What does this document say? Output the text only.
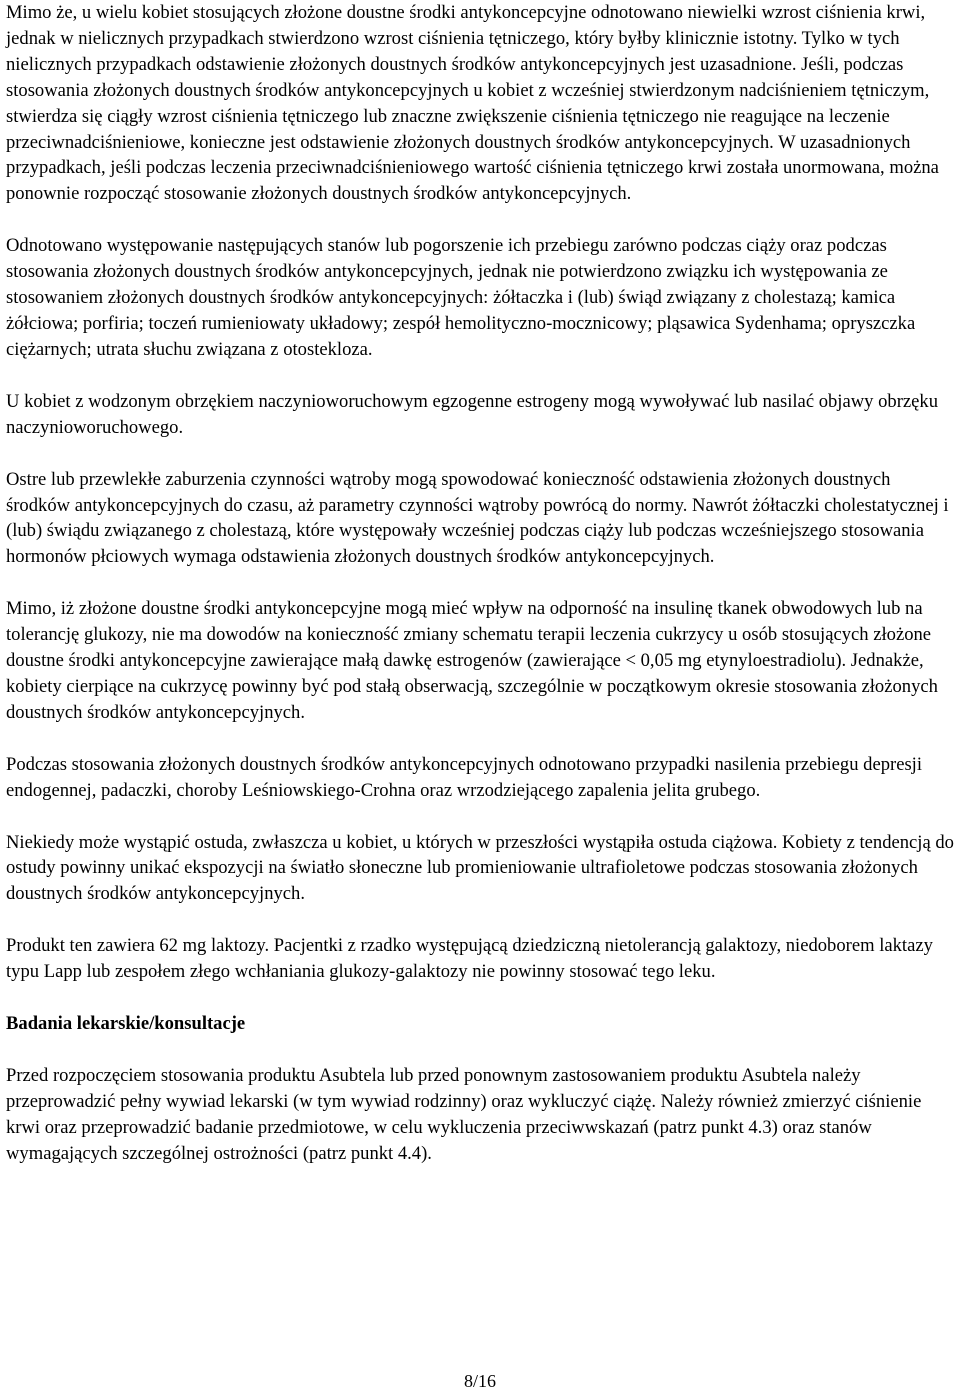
Mimo że, u wielu kobiet stosujących złożone doustne środki antykoncepcyjne odnotowano niewielki wzrost ciśnienia krwi, jednak w nielicznych przypadkach stwierdzono wzrost ciśnienia tętniczego, który byłby klinicznie istotny. Tylko w tych nielicznych przypadkach odstawienie złożonych doustnych środków antykoncepcyjnych jest uzasadnione. Jeśli, podczas stosowania złożonych doustnych środków antykoncepcyjnych u kobiet z wcześniej stwierdzonym nadciśnieniem tętniczym, stwierdza się ciągły wzrost ciśnienia tętniczego lub znaczne zwiększenie ciśnienia tętniczego nie reagujące na leczenie przeciwnadciśnieniowe, konieczne jest odstawienie złożonych doustnych środków antykoncepcyjnych. W uzasadnionych przypadkach, jeśli podczas leczenia przeciwnadciśnieniowego wartość ciśnienia tętniczego krwi została unormowana, można ponownie rozpocząć stosowanie złożonych doustnych środków antykoncepcyjnych.

Odnotowano występowanie następujących stanów lub pogorszenie ich przebiegu zarówno podczas ciąży oraz podczas stosowania złożonych doustnych środków antykoncepcyjnych, jednak nie potwierdzono związku ich występowania ze stosowaniem złożonych doustnych środków antykoncepcyjnych: żółtaczka i (lub) świąd związany z cholestazą; kamica żółciowa; porfiria; toczeń rumieniowaty układowy; zespół hemolityczno-mocznicowy; pląsawica Sydenhama; opryszczka ciężarnych; utrata słuchu związana z otostekloza.

U kobiet z wodzonym obrzękiem naczynioworuchowym egzogenne estrogeny mogą wywoływać lub nasilać objawy obrzęku naczynioworuchowego.

Ostre lub przewlekłe zaburzenia czynności wątroby mogą spowodować konieczność odstawienia złożonych doustnych środków antykoncepcyjnych do czasu, aż parametry czynności wątroby powrócą do normy. Nawrót żółtaczki cholestatycznej i (lub) świądu związanego z cholestazą, które występowały wcześniej podczas ciąży lub podczas wcześniejszego stosowania hormonów płciowych wymaga odstawienia złożonych doustnych środków antykoncepcyjnych.

Mimo, iż złożone doustne środki antykoncepcyjne mogą mieć wpływ na odporność na insulinę tkanek obwodowych lub na tolerancję glukozy, nie ma dowodów na konieczność zmiany schematu terapii leczenia cukrzycy u osób stosujących złożone doustne środki antykoncepcyjne zawierające małą dawkę estrogenów (zawierające < 0,05 mg etynyloestradiolu). Jednakże, kobiety cierpiące na cukrzycę powinny być pod stałą obserwacją, szczególnie w początkowym okresie stosowania złożonych doustnych środków antykoncepcyjnych.

Podczas stosowania złożonych doustnych środków antykoncepcyjnych odnotowano przypadki nasilenia przebiegu depresji endogennej, padaczki, choroby Leśniowskiego-Crohna oraz wrzodziejącego zapalenia jelita grubego.

Niekiedy może wystąpić ostuda, zwłaszcza u kobiet, u których w przeszłości wystąpiła ostuda ciążowa. Kobiety z tendencją do ostudy powinny unikać ekspozycji na światło słoneczne lub promieniowanie ultrafioletowe podczas stosowania złożonych doustnych środków antykoncepcyjnych.

Produkt ten zawiera 62 mg laktozy. Pacjentki z rzadko występującą dziedziczną nietolerancją galaktozy, niedoborem laktazy typu Lapp lub zespołem złego wchłaniania glukozy-galaktozy nie powinny stosować tego leku.

Badania lekarskie/konsultacje

Przed rozpoczęciem stosowania produktu Asubtela lub przed ponownym zastosowaniem produktu Asubtela należy przeprowadzić pełny wywiad lekarski (w tym wywiad rodzinny) oraz wykluczyć ciążę. Należy również zmierzyć ciśnienie krwi oraz przeprowadzić badanie przedmiotowe, w celu wykluczenia przeciwwskazań (patrz punkt 4.3) oraz stanów wymagających szczególnej ostrożności (patrz punkt 4.4).

8/16
